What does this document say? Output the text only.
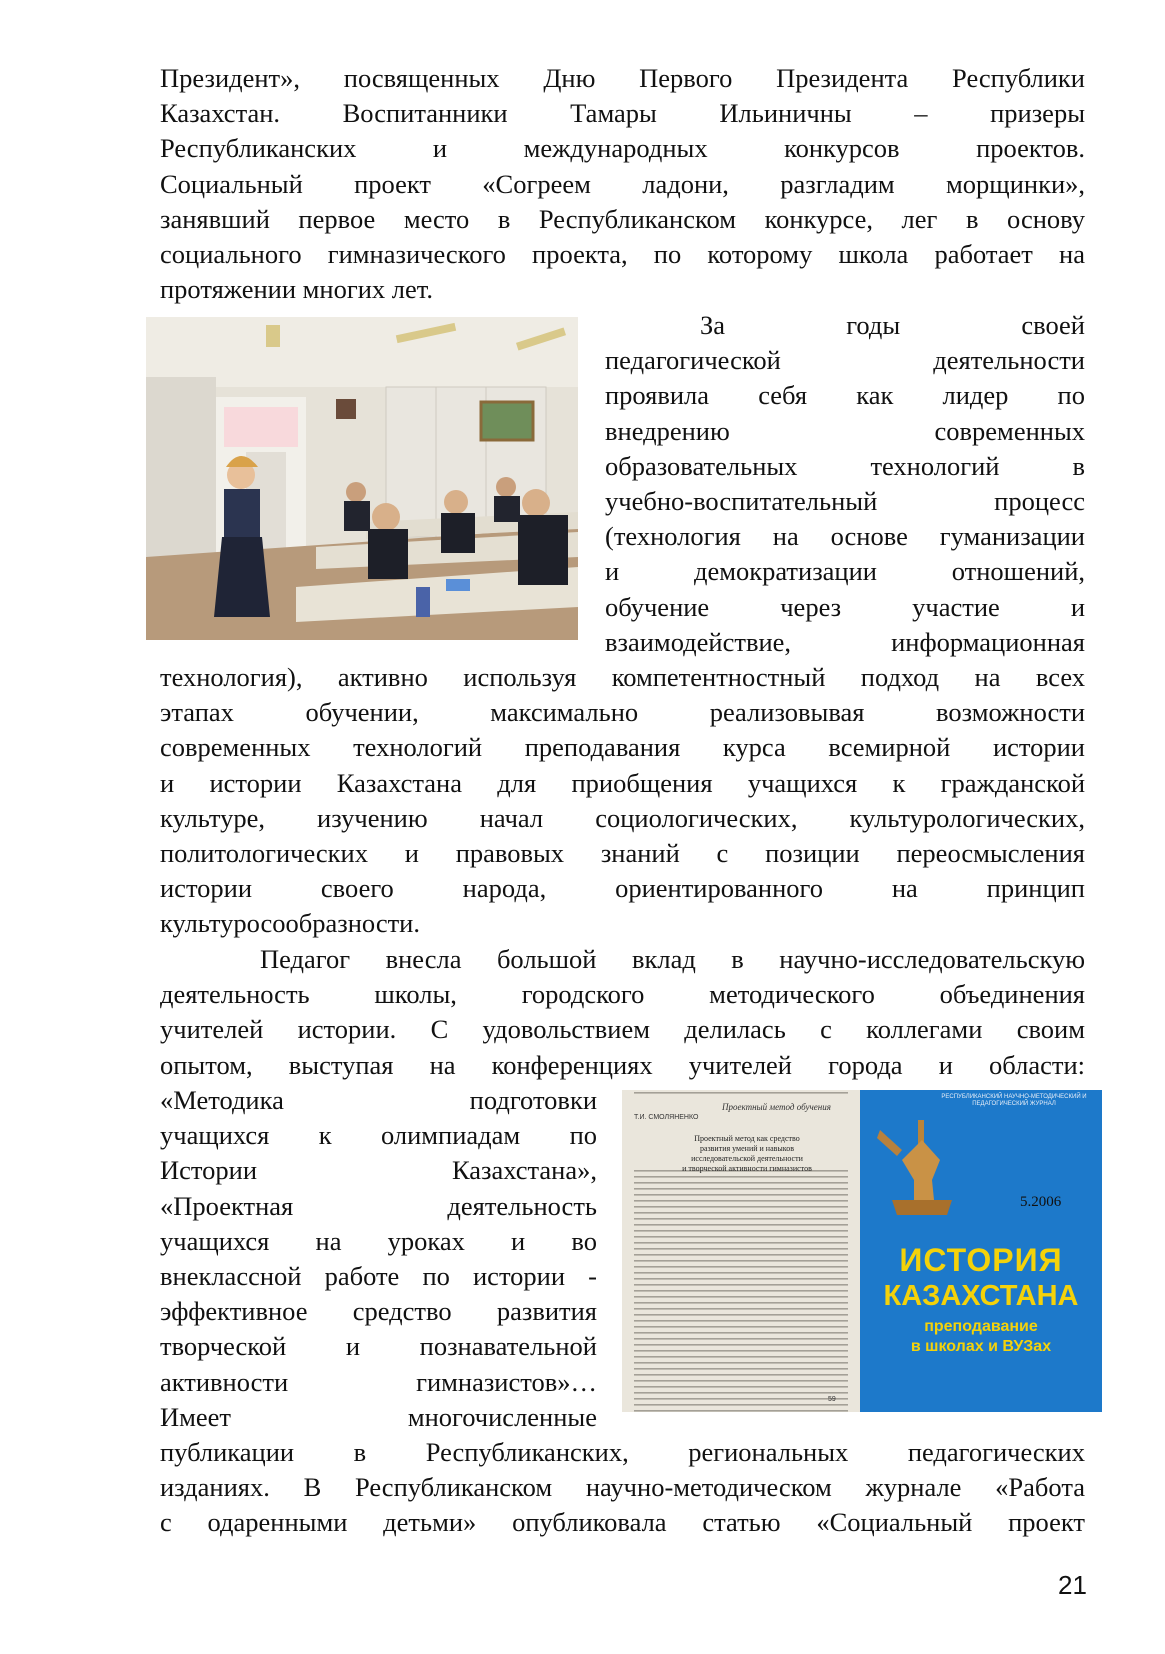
Президент», посвященных Дню Первого Президента Республики

Казахстан. Воспитанники Тамары Ильиничны – призеры

Республиканских и международных конкурсов проектов.

Социальный проект «Согреем ладони, разгладим морщинки»,

занявший первое место в Республиканском конкурсе, лег в основу

социального гимназического проекта, по которому школа работает на

протяжении многих лет.

За годы своей

педагогической деятельности

проявила себя как лидер по

внедрению современных

образовательных технологий в

учебно-воспитательный процесс

(технология на основе гуманизации

и демократизации отношений,

обучение через участие и

взаимодействие, информационная

технология), активно используя компетентностный подход на всех

этапах обучении, максимально реализовывая возможности

современных технологий преподавания курса всемирной истории

и истории Казахстана для приобщения учащихся к гражданской

культуре, изучению начал социологических, культурологических,

политологических и правовых знаний с позиции переосмысления

истории своего народа, ориентированного на принцип

культуросообразности.

Педагог внесла большой вклад в научно-исследовательскую

деятельность школы, городского методического объединения

учителей истории. С удовольствием делилась с коллегами своим

опытом, выступая на конференциях учителей города и области:

«Методика подготовки

учащихся к олимпиадам по

Истории Казахстана»,

«Проектная деятельность

учащихся на уроках и во

внеклассной работе по истории -

эффективное средство развития

творческой и познавательной

активности гимназистов»…

Имеет многочисленные

Проектный метод обучения
Т.И. СМОЛЯНЕНКО
Проектный метод как средство
развития умений и навыков
исследовательской деятельности
и творческой активности гимназистов
59
РЕСПУБЛИКАНСКИЙ НАУЧНО-МЕТОДИЧЕСКИЙ И ПЕДАГОГИЧЕСКИЙ ЖУРНАЛ
5.2006
ИСТОРИЯ
КАЗАХСТАНА
преподавание
в школах и ВУЗах

публикации в Республиканских, региональных педагогических

изданиях. В Республиканском научно-методическом журнале «Работа

с одаренными детьми» опубликовала статью «Социальный проект

21
